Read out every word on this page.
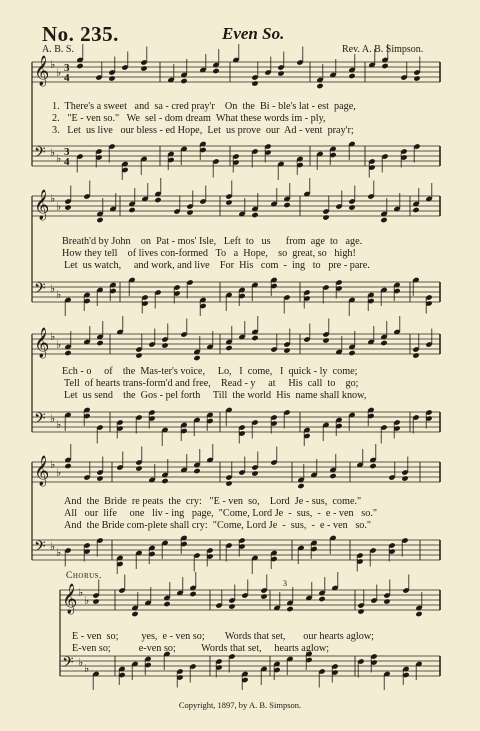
No. 235.	Even So.
A. B. S.	Rev. A. B. Simpson.
𝄞 ♭
♭ 3
4
𝄢 ♭ ♭
3
4
𝄞 ♭
♭
𝄢 ♭ ♭
𝄞 ♭
♭
𝄢 ♭ ♭
𝄞 ♭
♭
𝄢 ♭ ♭
𝄞 ♭
♭
𝄢 ♭ ♭
3
1.  There's a sweet   and  sa - cred pray'r    On  the  Bi - ble's lat - est  page,
2.   "E - ven so."   We  sel - dom dream  What these words im - ply,
3.   Let  us live   our bless - ed Hope,  Let  us prove  our  Ad - vent  pray'r;
Breath'd by John    on  Pat - mos' Isle,   Left  to   us      from  age  to   age.
How they tell    of lives con-formed   To   a  Hope,    so  great, so   high!
Let  us watch,     and work, and live    For  His   com  -  ing   to   pre - pare.
Ech - o     of    the  Mas-ter's voice,     Lo,   I  come,   I  quick - ly  come;
Tell  of hearts trans-form'd and free,    Read - y     at     His  call  to    go;
Let  us send    the  Gos - pel forth     Till  the world  His  name shall know,
And  the  Bride  re peats  the  cry:   "E - ven  so,    Lord  Je - sus,  come."
All   our  life     one   liv - ing   page,  "Come, Lord Je  -  sus,  -  e - ven   so."
And  the Bride com-plete shall cry:  "Come, Lord Je  -  sus,  -  e - ven   so."
Chorus.
E - ven  so;         yes,  e - ven so;        Words that set,       our hearts aglow;
E-ven so;           e-ven so;          Words that set,     hearts aglow;
Copyright, 1897, by A. B. Simpson.
